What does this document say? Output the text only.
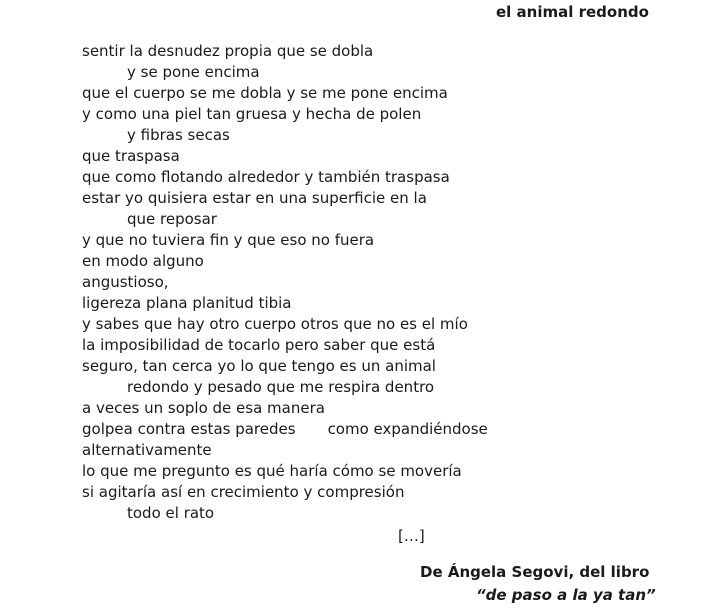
el animal redondo
sentir la desnudez propia que se dobla
y se pone encima
que el cuerpo se me dobla y se me pone encima
y como una piel tan gruesa y hecha de polen
y fibras secas
que traspasa
que como flotando alrededor y también traspasa
estar yo quisiera estar en una superficie en la
que reposar
y que no tuviera fin y que eso no fuera
en modo alguno
angustioso,
ligereza plana planitud tibia
y sabes que hay otro cuerpo otros que no es el mío
la imposibilidad de tocarlo pero saber que está
seguro, tan cerca yo lo que tengo es un animal
redondo y pesado que me respira dentro
a veces un soplo de esa manera
golpea contra estas paredes como expandiéndose
alternativamente
lo que me pregunto es qué haría cómo se movería
si agitaría así en crecimiento y compresión
todo el rato
[…]
De Ángela Segovi, del libro
“de paso a la ya tan”
